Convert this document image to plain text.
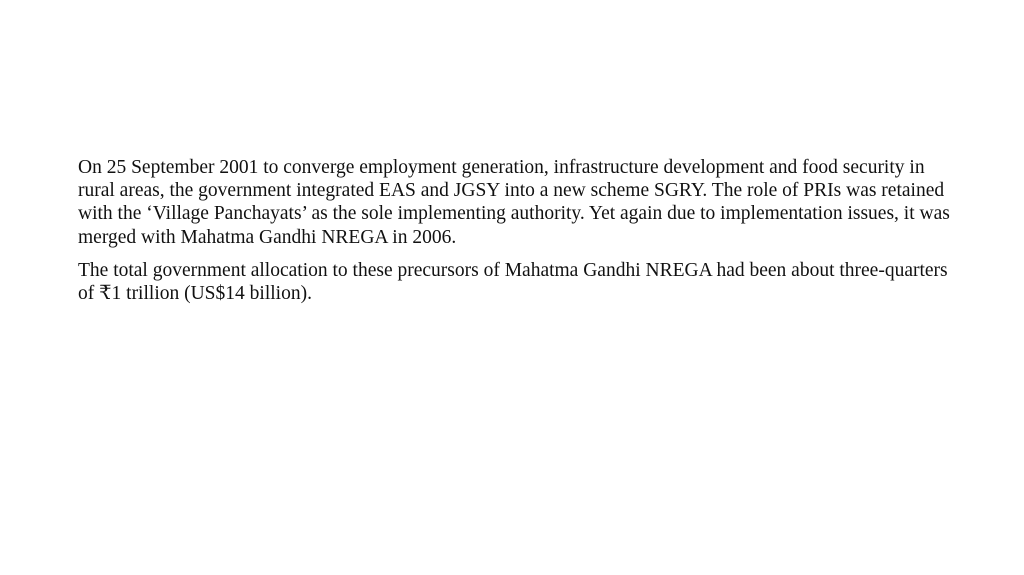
On 25 September 2001 to converge employment generation, infrastructure development and food security in rural areas, the government integrated EAS and JGSY into a new scheme SGRY. The role of PRIs was retained with the ‘Village Panchayats’ as the sole implementing authority. Yet again due to implementation issues, it was merged with Mahatma Gandhi NREGA in 2006.

The total government allocation to these precursors of Mahatma Gandhi NREGA had been about three-quarters of ₹1 trillion (US$14 billion).
